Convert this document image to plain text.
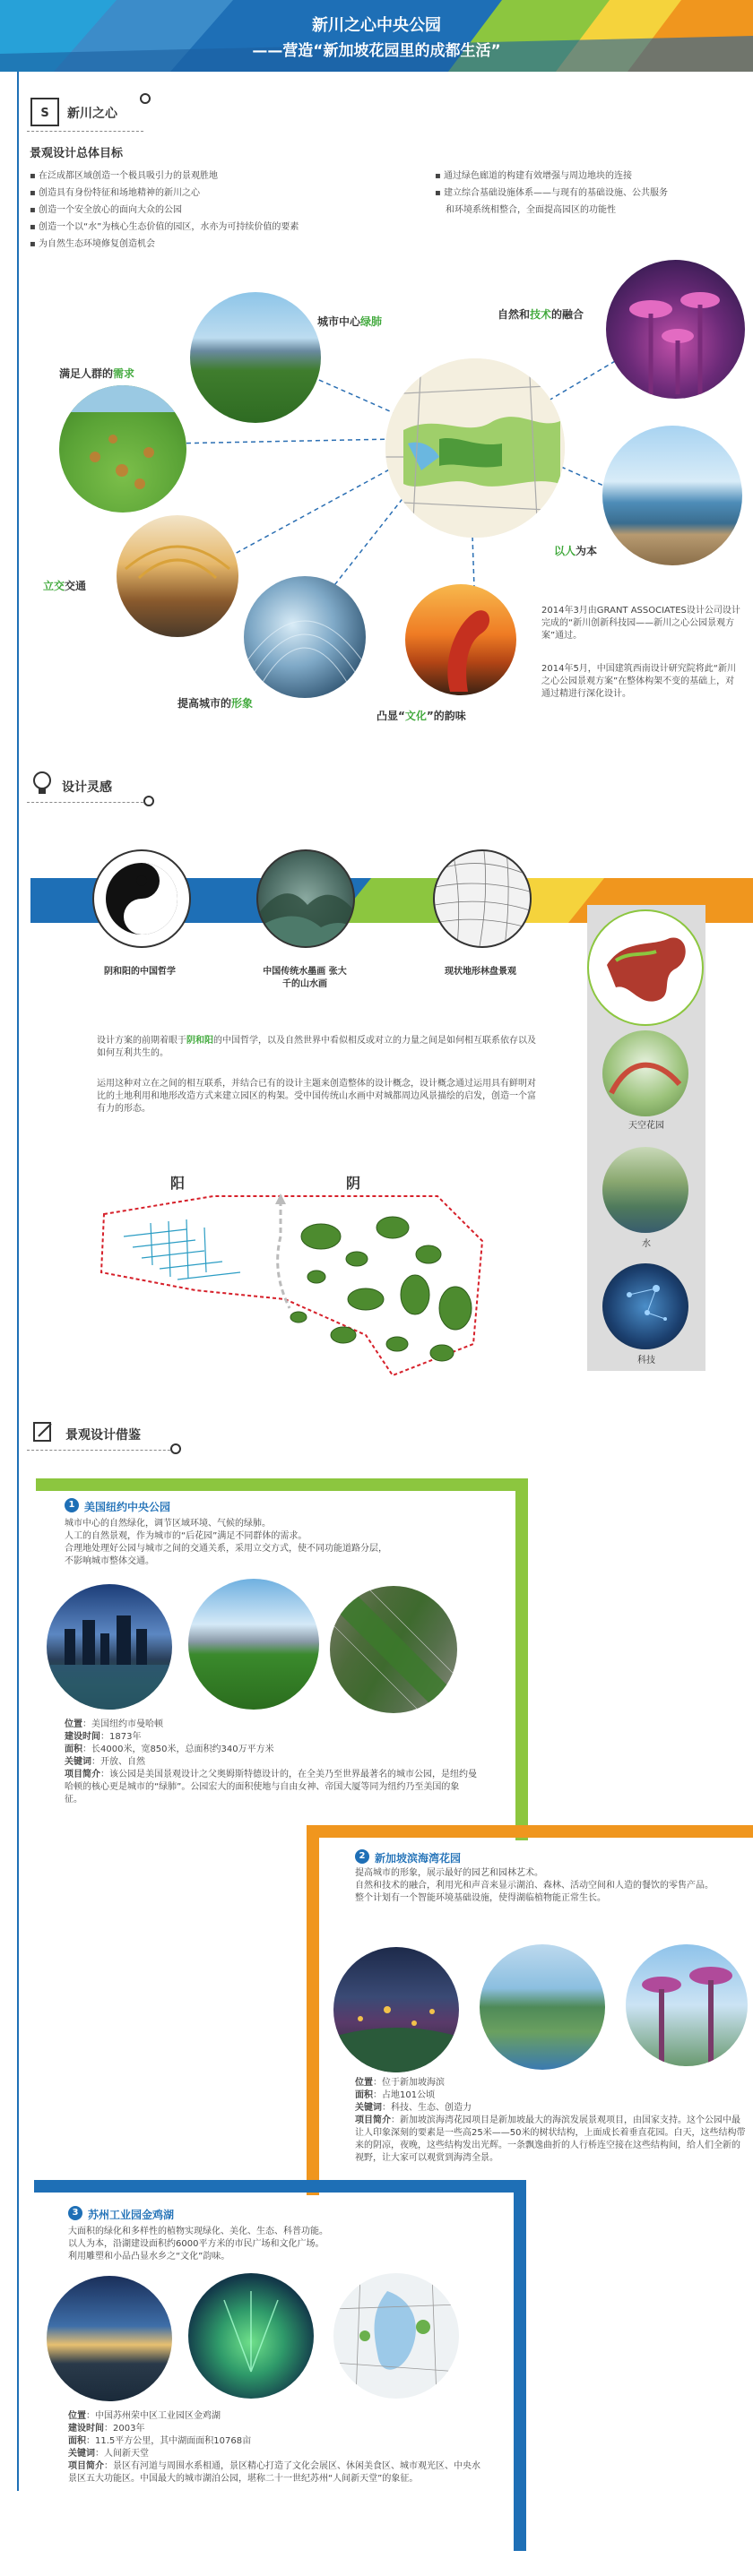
新川之心中央公园
——营造“新加坡花园里的成都生活”
S 新川之心
景观设计总体目标
▪ 在泛成都区域创造一个极具吸引力的景观胜地
▪ 创造具有身份特征和场地精神的新川之心
▪ 创造一个安全放心的面向大众的公园
▪ 创造一个以“水”为核心生态价值的园区，水亦为可持续价值的要素
▪ 为自然生态环境修复创造机会
▪ 通过绿色廊道的构建有效增强与周边地块的连接
▪ 建立综合基础设施体系——与现有的基础设施、公共服务
和环境系统相整合，全面提高园区的功能性
城市中心绿肺
满足人群的需求
自然和技术的融合
以人为本
立交交通
提高城市的形象
凸显“文化”的韵味
2014年3月由GRANT ASSOCIATES设计公司设计完成的“新川创新科技园——新川之心公园景观方案”通过。
2014年5月，中国建筑西南设计研究院将此“新川之心公园景观方案”在整体构架不变的基础上，对通过精进行深化设计。
设计灵感
阴和阳的中国哲学	中国传统水墨画 张大千的山水画
现状地形林盘景观
天空花园
水
科技
设计方案的前期着眼于阴和阳的中国哲学，以及自然世界中看似相反或对立的力量之间是如何相互联系依存以及如何互利共生的。
运用这种对立在之间的相互联系，并结合已有的设计主题来创造整体的设计概念，设计概念通过运用具有鲜明对比的土地利用和地形改造方式来建立园区的构架。受中国传统山水画中对城都周边风景描绘的启发，创造一个富有力的形态。
阳	阴
景观设计借鉴
1 美国纽约中央公园
城市中心的自然绿化，调节区域环境、气候的绿肺。
人工的自然景观，作为城市的“后花园”满足不同群体的需求。
合理地处理好公园与城市之间的交通关系，采用立交方式，使不同功能道路分层，
不影响城市整体交通。
位置：美国纽约市曼哈顿
建设时间：1873年
面积：长4000米，宽850米，总面积约340万平方米
关键词：开放、自然
项目简介：该公园是美国景观设计之父奥姆斯特德设计的，在全美乃至世界最著名的城市公园，是纽约曼哈顿的核心更是城市的“绿肺”。公园宏大的面积使地与自由女神、帝国大厦等同为纽约乃至美国的象征。
2 新加坡滨海湾花园
提高城市的形象，展示最好的园艺和园林艺术。
自然和技术的融合，利用光和声音来显示湖泊、森林、活动空间和人造的餐饮的零售产品。
整个计划有一个智能环境基础设施，使得湖临植物能正常生长。
位置：位于新加坡海滨
面积：占地101公顷
关键词：科技、生态、创造力
项目简介：新加坡滨海湾花园项目是新加坡最大的海滨发展景观项目，由国家支持。这个公园中最让人印象深刻的要素是一些高25米——50米的树状结构，上面成长着垂直花园。白天，这些结构带来的阴凉，夜晚，这些结构发出光辉。一条飘逸曲折的人行桥连空接在这些结构间，给人们全新的视野，让大家可以观赏到海湾全景。
3 苏州工业园金鸡湖
大面积的绿化和多样性的植物实现绿化、美化、生态、科普功能。
以人为本，沿湖建设面积约6000平方米的市民广场和文化广场。
利用雕塑和小品凸显水乡之“文化”韵味。
位置：中国苏州荣中区工业园区金鸡湖
建设时间：2003年
面积：11.5平方公里，其中湖面面积10768亩
关键词：人间新天堂
项目简介：景区有河道与周围水系相通，景区精心打造了文化会展区、休闲美食区、城市观光区、中央水景区五大功能区。中国最大的城市湖泊公园，堪称二十一世纪苏州“人间新天堂”的象征。
